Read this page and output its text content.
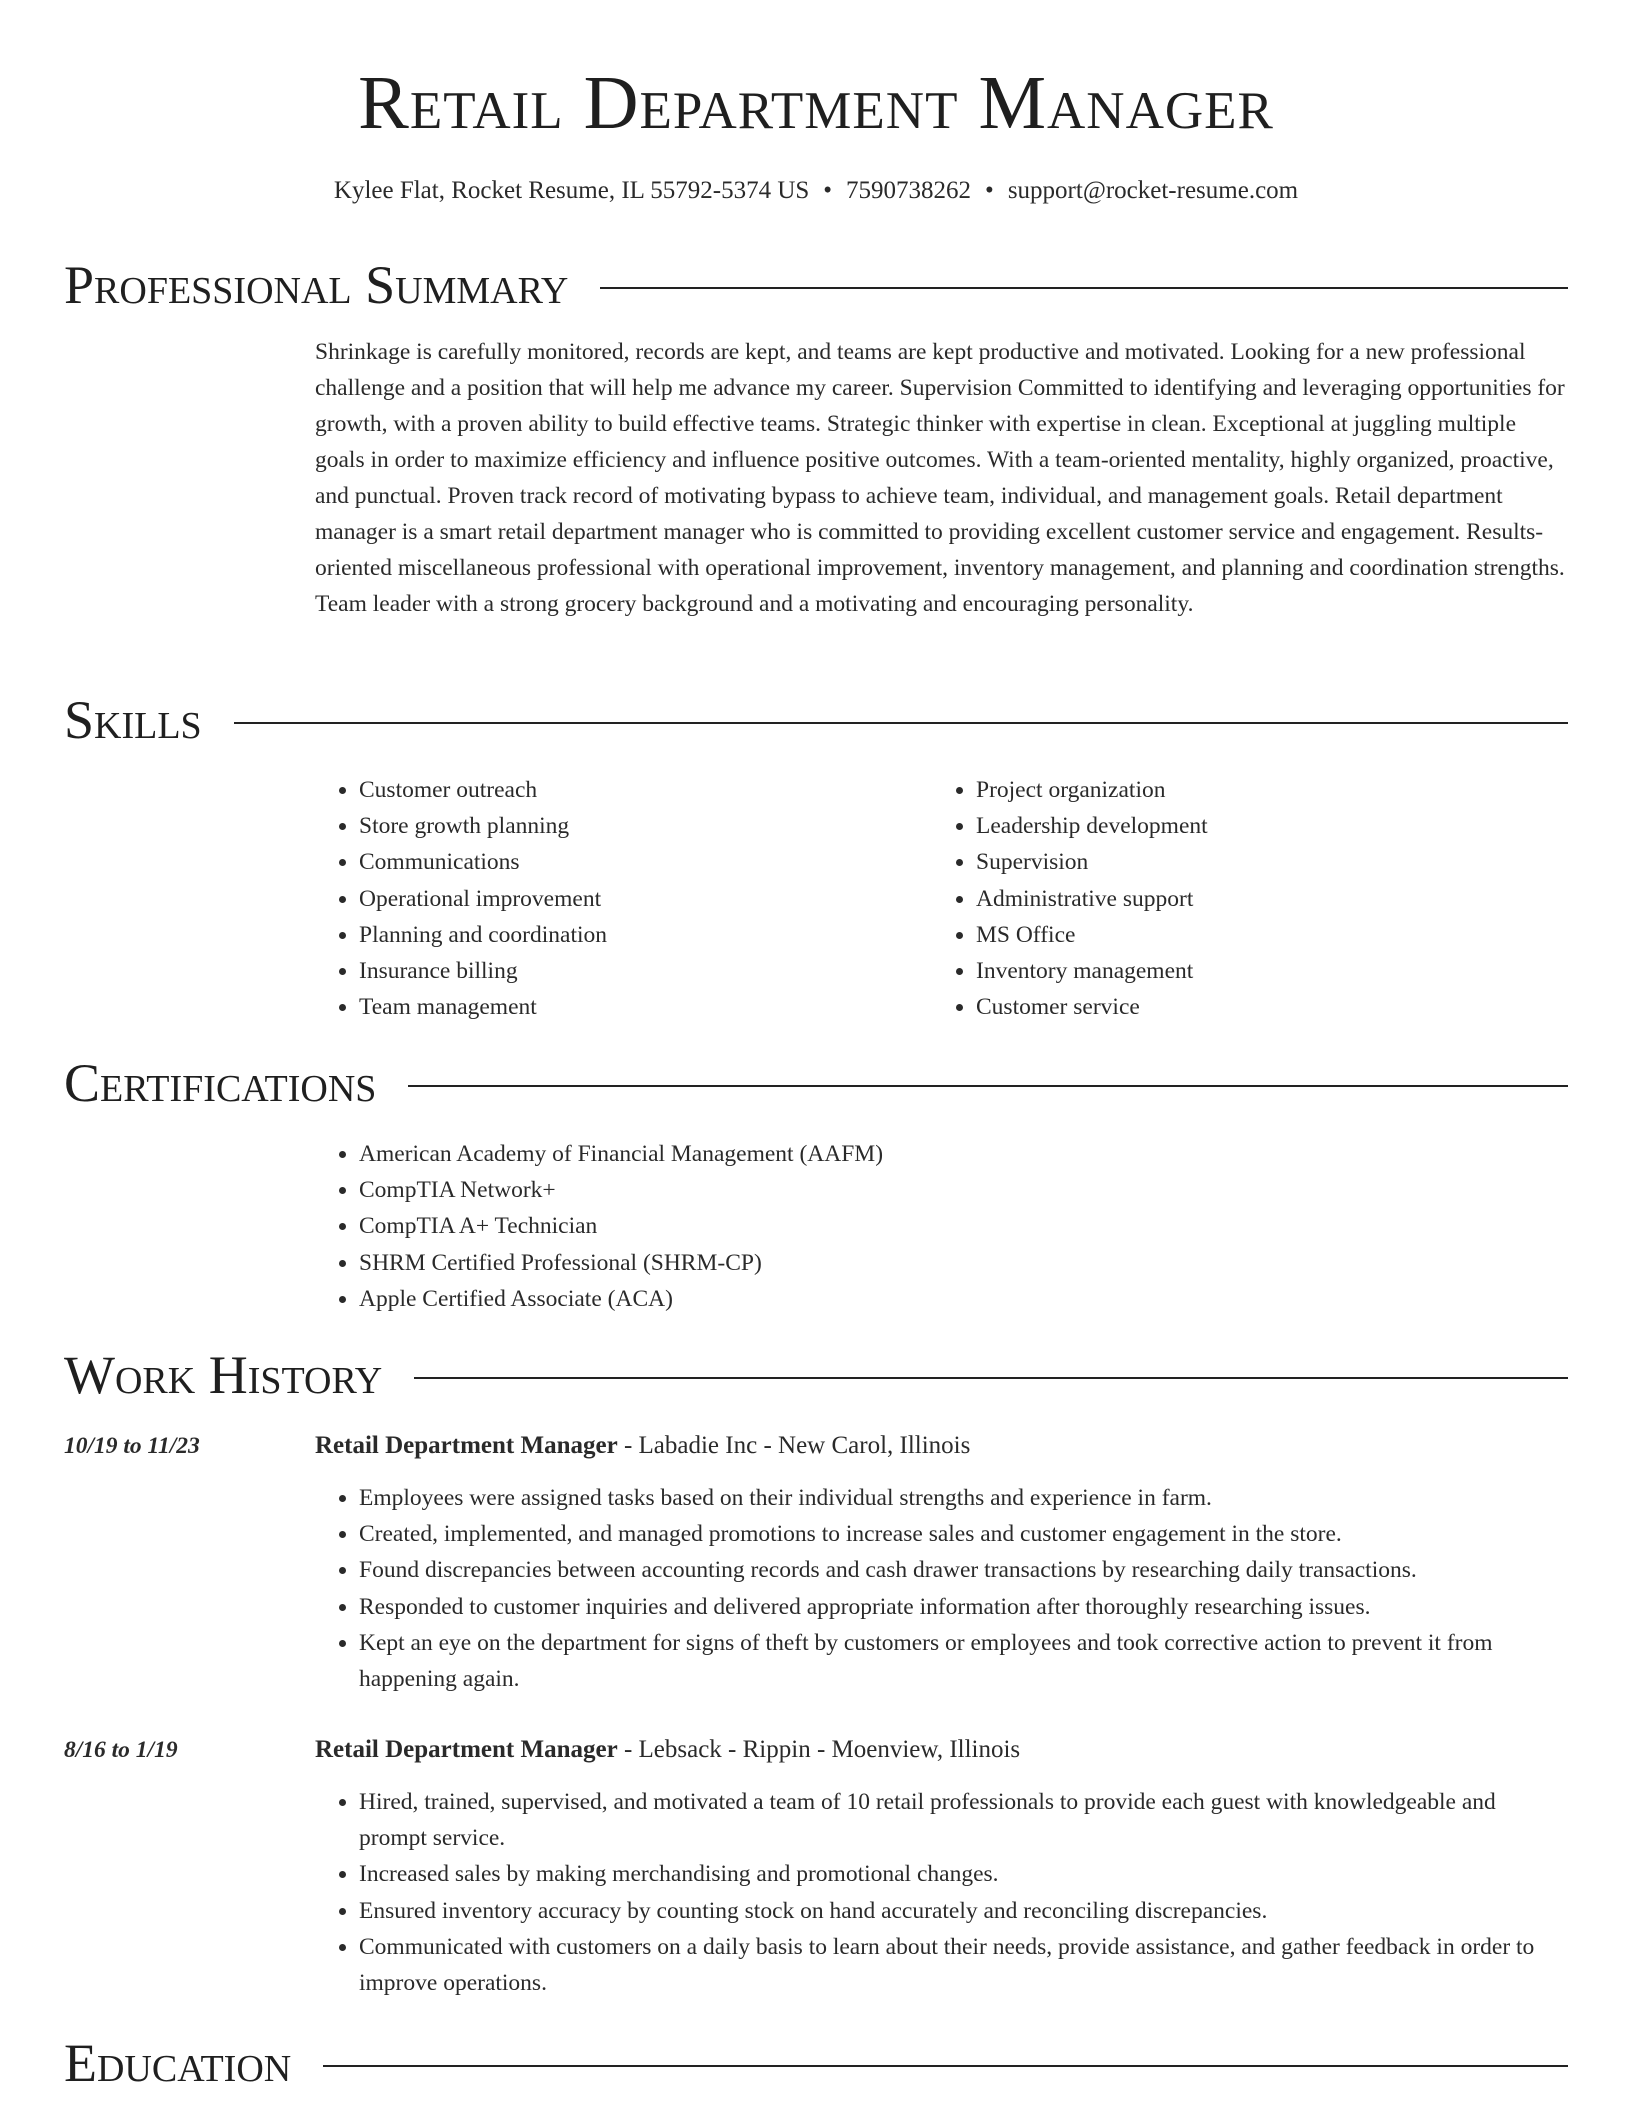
Retail Department Manager
Kylee Flat, Rocket Resume, IL 55792-5374 US • 7590738262 • support@rocket-resume.com
Professional Summary

Shrinkage is carefully monitored, records are kept, and teams are kept productive and motivated. Looking for a new professional challenge and a position that will help me advance my career. Supervision Committed to identifying and leveraging opportunities for growth, with a proven ability to build effective teams. Strategic thinker with expertise in clean. Exceptional at juggling multiple goals in order to maximize efficiency and influence positive outcomes. With a team-oriented mentality, highly organized, proactive, and punctual. Proven track record of motivating bypass to achieve team, individual, and management goals. Retail department manager is a smart retail department manager who is committed to providing excellent customer service and engagement. Results-oriented miscellaneous professional with operational improvement, inventory management, and planning and coordination strengths. Team leader with a strong grocery background and a motivating and encouraging personality.

Skills
• Customer outreach
• Store growth planning
• Communications
• Operational improvement
• Planning and coordination
• Insurance billing
• Team management
• Project organization
• Leadership development
• Supervision
• Administrative support
• MS Office
• Inventory management
• Customer service
Certifications
• American Academy of Financial Management (AAFM)
• CompTIA Network+
• CompTIA A+ Technician
• SHRM Certified Professional (SHRM-CP)
• Apple Certified Associate (ACA)
Work History
10/19 to 11/23	Retail Department Manager - Labadie Inc - New Carol, Illinois
• Employees were assigned tasks based on their individual strengths and experience in farm.
• Created, implemented, and managed promotions to increase sales and customer engagement in the store.
• Found discrepancies between accounting records and cash drawer transactions by researching daily transactions.
• Responded to customer inquiries and delivered appropriate information after thoroughly researching issues.
• Kept an eye on the department for signs of theft by customers or employees and took corrective action to prevent it from happening again.
8/16 to 1/19	Retail Department Manager - Lebsack - Rippin - Moenview, Illinois
• Hired, trained, supervised, and motivated a team of 10 retail professionals to provide each guest with knowledgeable and prompt service.
• Increased sales by making merchandising and promotional changes.
• Ensured inventory accuracy by counting stock on hand accurately and reconciling discrepancies.
• Communicated with customers on a daily basis to learn about their needs, provide assistance, and gather feedback in order to improve operations.
Education
